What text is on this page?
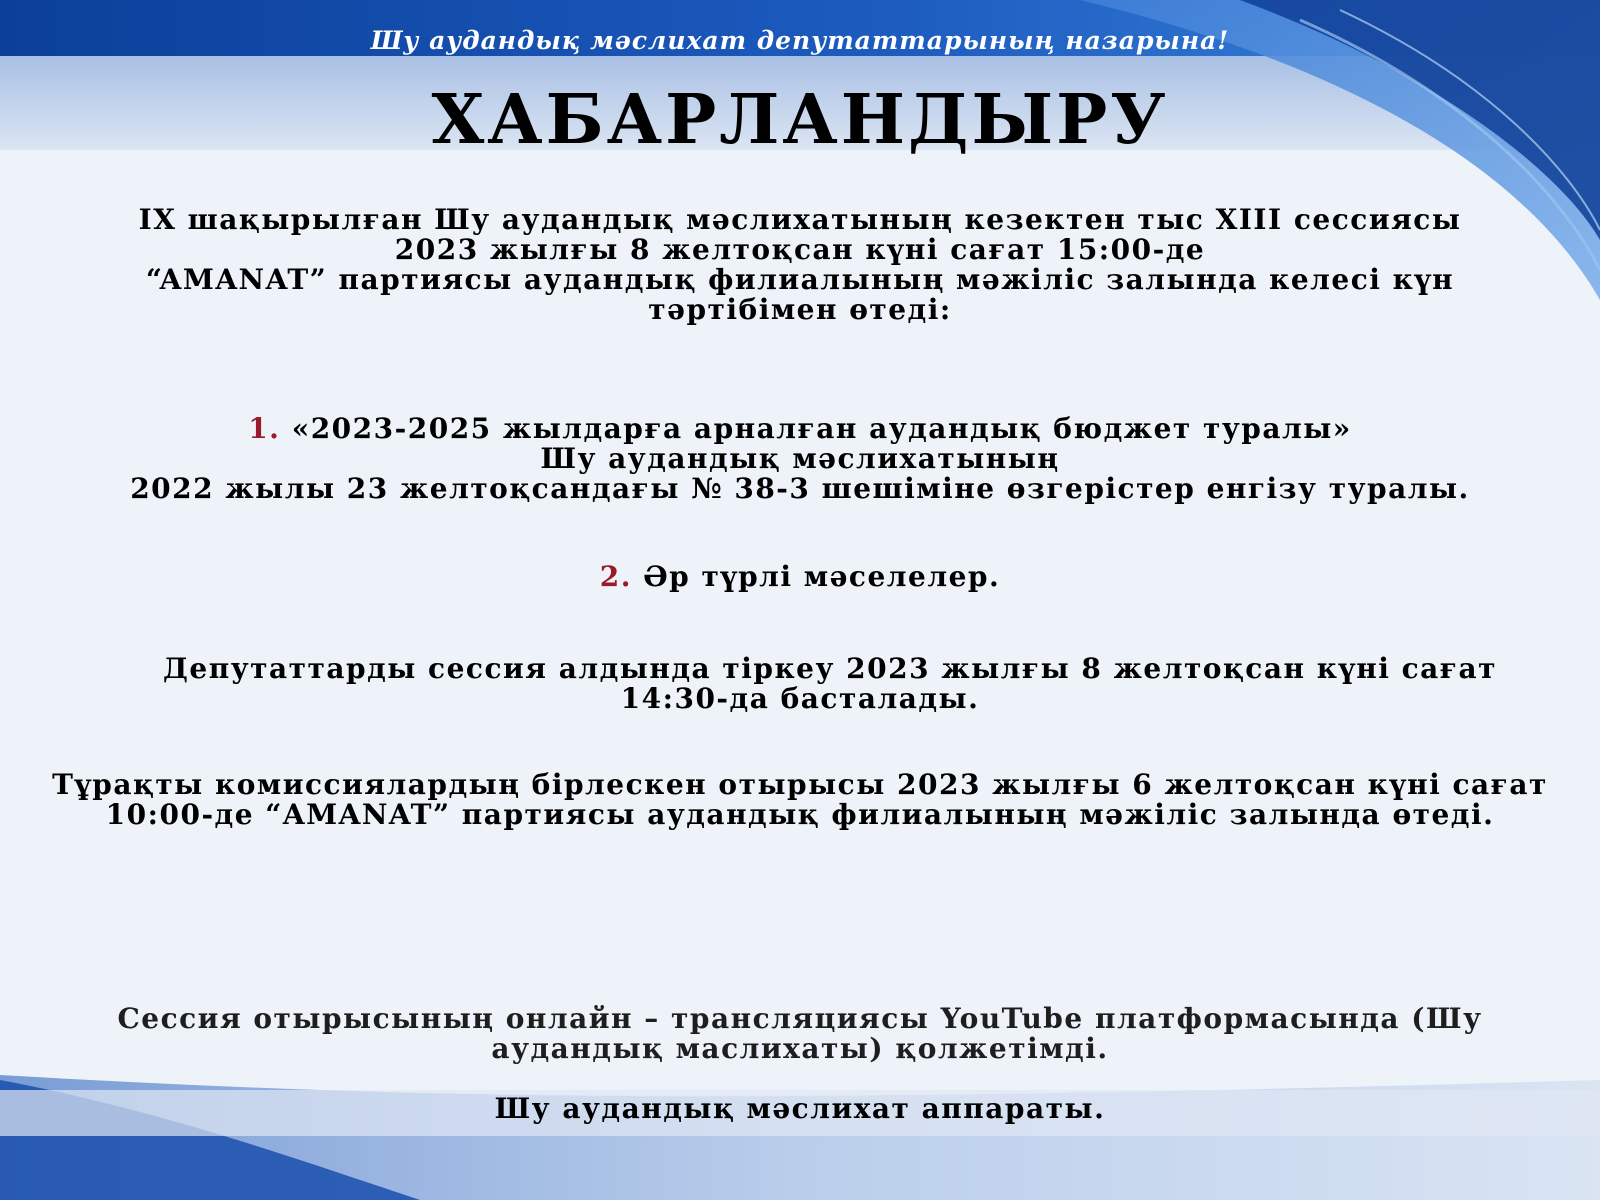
Шу аудандық мәслихат депутаттарының назарына!
ХАБАРЛАНДЫРУ
IX шақырылған Шу аудандық мәслихатының кезектен тыс XIII сессиясы
2023 жылғы 8 желтоқсан күні сағат 15:00-де
“AMANAT” партиясы аудандық филиалының мәжіліс залында келесі күн
тәртібімен өтеді:
1. «2023-2025 жылдарға арналған аудандық бюджет туралы»
Шу аудандық мәслихатының
2022 жылы 23 желтоқсандағы № 38-3 шешіміне өзгерістер енгізу туралы.
2. Әр түрлі мәселелер.
Депутаттарды сессия алдында тіркеу 2023 жылғы 8 желтоқсан күні сағат
14:30-да басталады.
Тұрақты комиссиялардың бірлескен отырысы 2023 жылғы 6 желтоқсан күні сағат
10:00-де “AMANAT” партиясы аудандық филиалының мәжіліс залында өтеді.
Сессия отырысының онлайн – трансляциясы YouTube платформасында (Шу
аудандық маслихаты) қолжетімді.
Шу аудандық мәслихат аппараты.
